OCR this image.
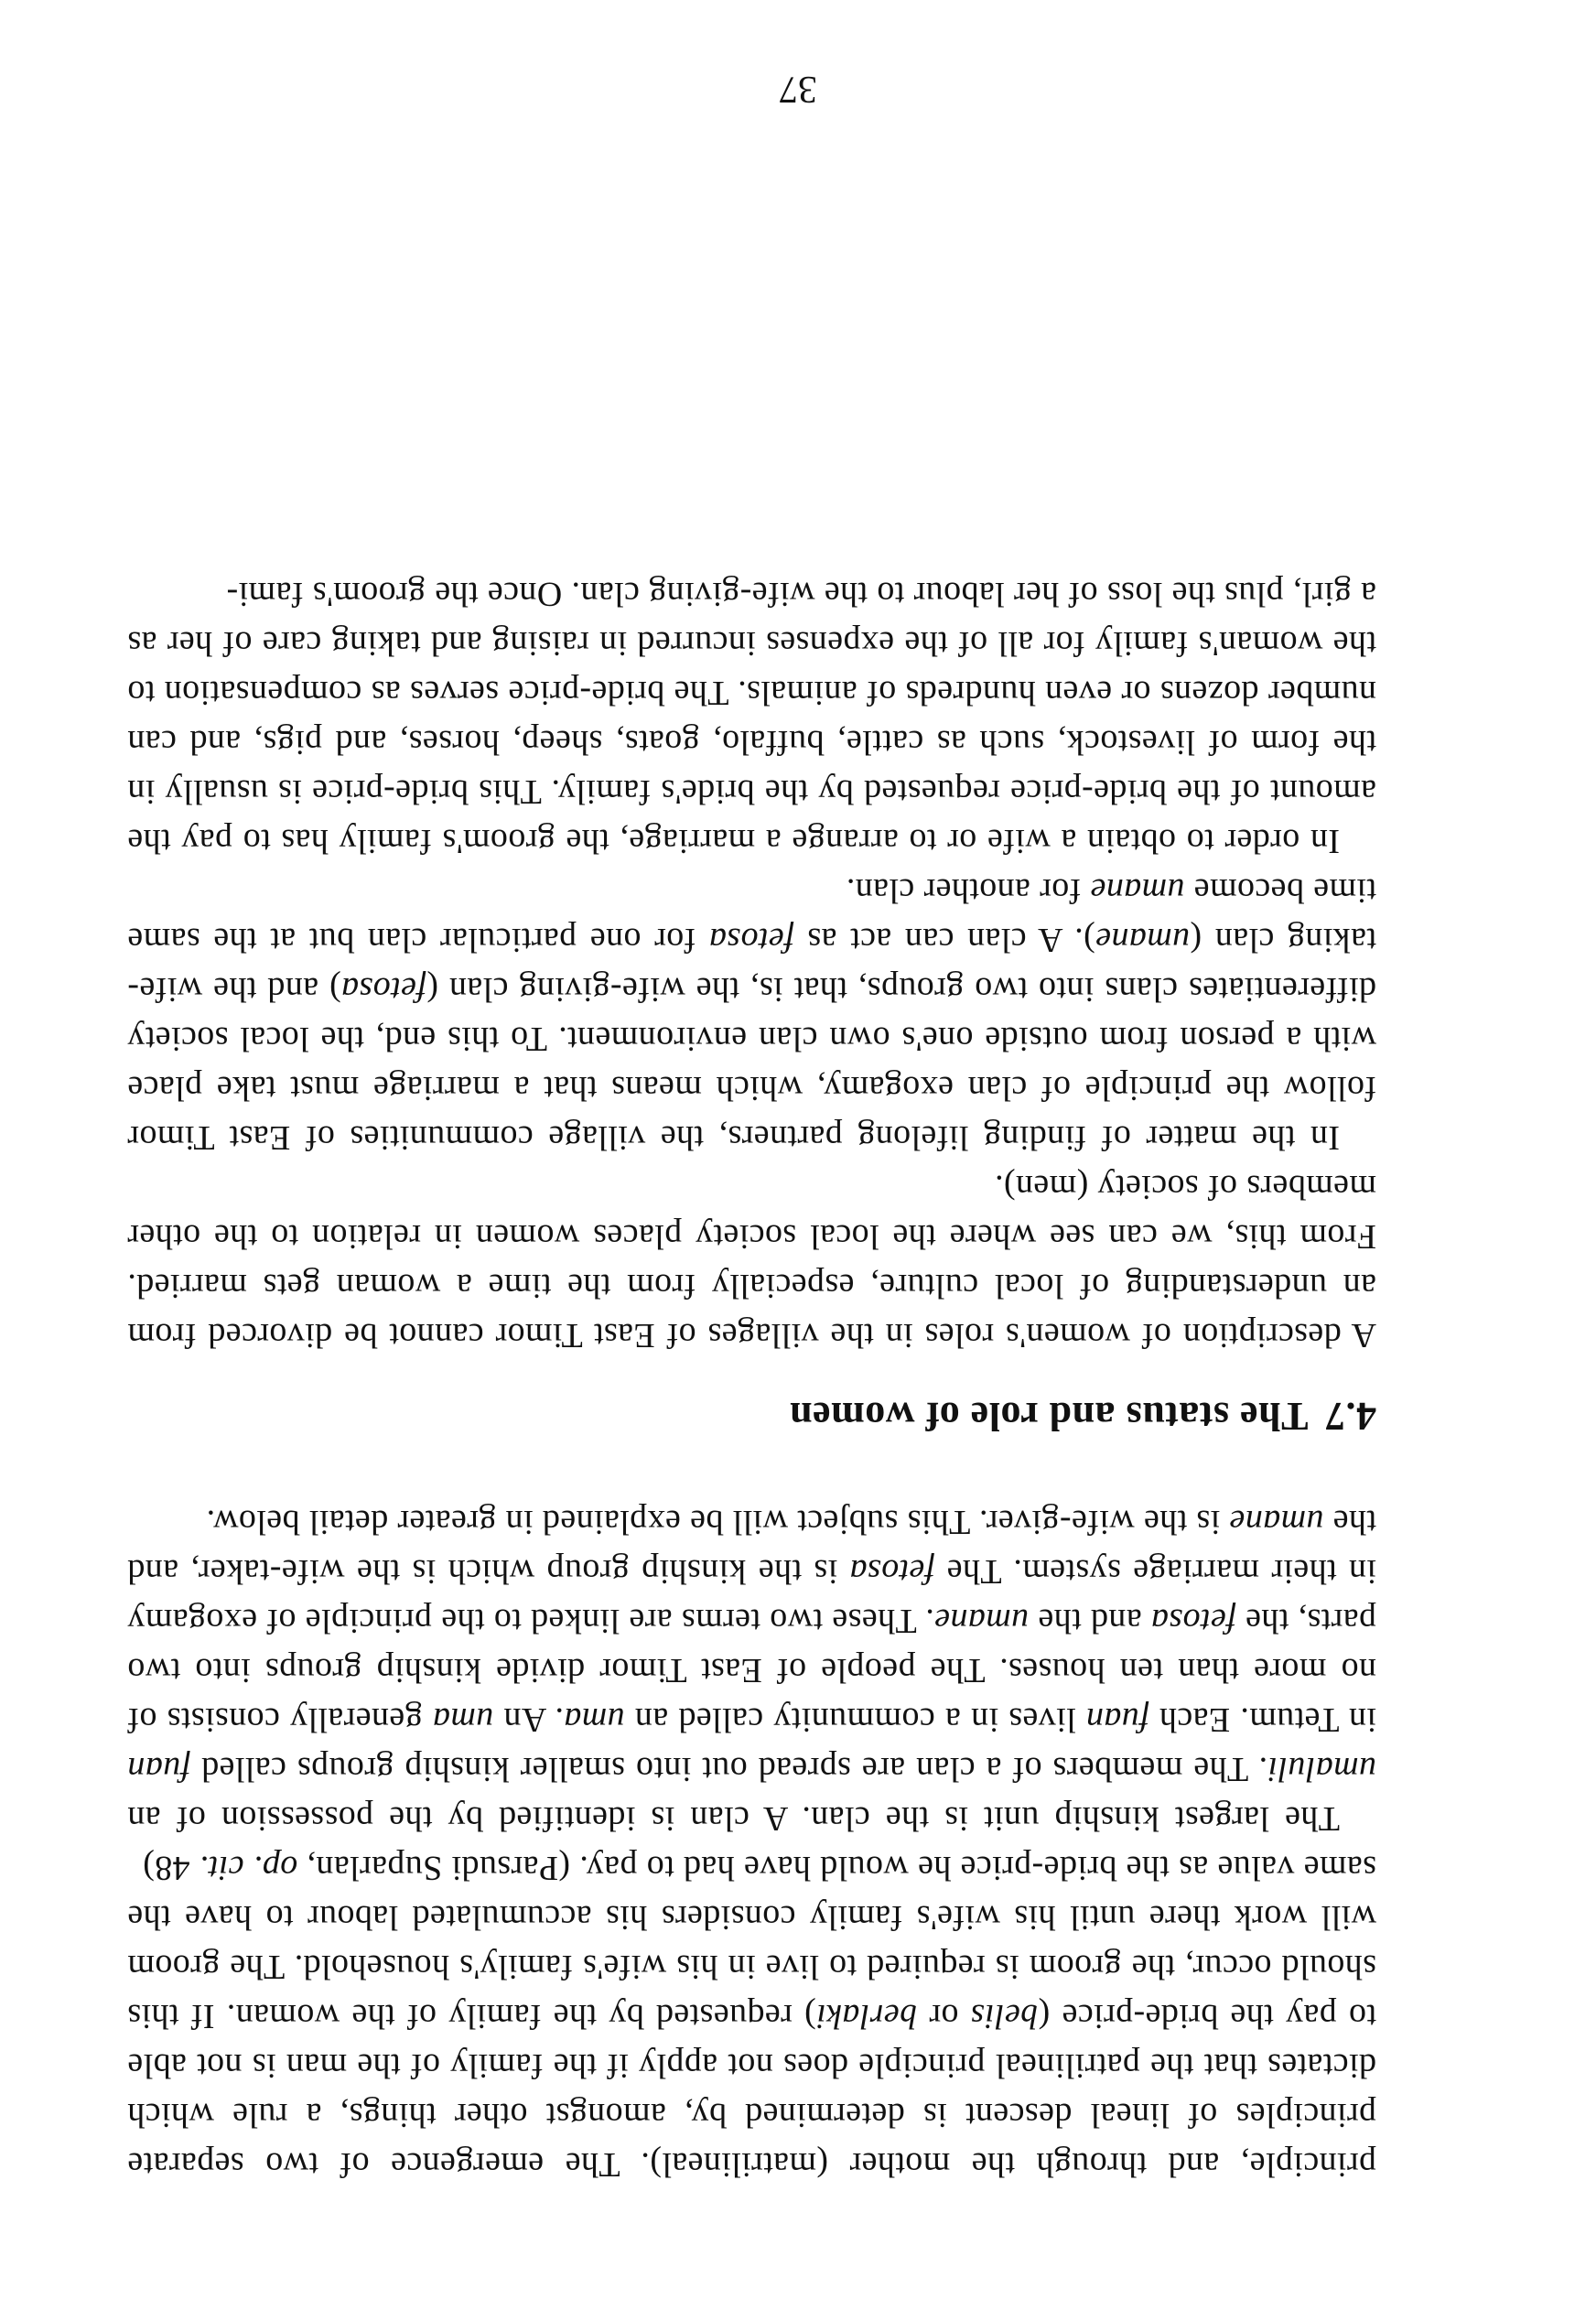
principle, and through the mother (matrilineal). The emergence of two separate principles of lineal descent is determined by, amongst other things, a rule which dictates that the patrilineal principle does not apply if the family of the man is not able to pay the bride-price (belis or berlaki) requested by the family of the woman. If this should occur, the groom is required to live in his wife's family's household. The groom will work there until his wife's family considers his accumulated labour to have the same value as the bride-price he would have had to pay. (Parsudi Suparlan, op. cit. 48)

The largest kinship unit is the clan. A clan is identified by the possession of an umaluli. The members of a clan are spread out into smaller kinship groups called fuan in Tetum. Each fuan lives in a community called an uma. An uma generally consists of no more than ten houses. The people of East Timor divide kinship groups into two parts, the fetosa and the umane. These two terms are linked to the principle of exogamy in their marriage system. The fetosa is the kinship group which is the wife-taker, and the umane is the wife-giver. This subject will be explained in greater detail below.

4.7The status and role of women

A description of women's roles in the villages of East Timor cannot be divorced from an understanding of local culture, especially from the time a woman gets married. From this, we can see where the local society places women in relation to the other members of society (men).

In the matter of finding lifelong partners, the village communities of East Timor follow the principle of clan exogamy, which means that a marriage must take place with a person from outside one's own clan environment. To this end, the local society differentiates clans into two groups, that is, the wife-giving clan (fetosa) and the wife-taking clan (umane). A clan can act as fetosa for one particular clan but at the same time become umane for another clan.

In order to obtain a wife or to arrange a marriage, the groom's family has to pay the amount of the bride-price requested by the bride's family. This bride-price is usually in the form of livestock, such as cattle, buffalo, goats, sheep, horses, and pigs, and can number dozens or even hundreds of animals. The bride-price serves as compensation to the woman's family for all of the expenses incurred in raising and taking care of her as a girl, plus the loss of her labour to the wife-giving clan. Once the groom's fami-

37
